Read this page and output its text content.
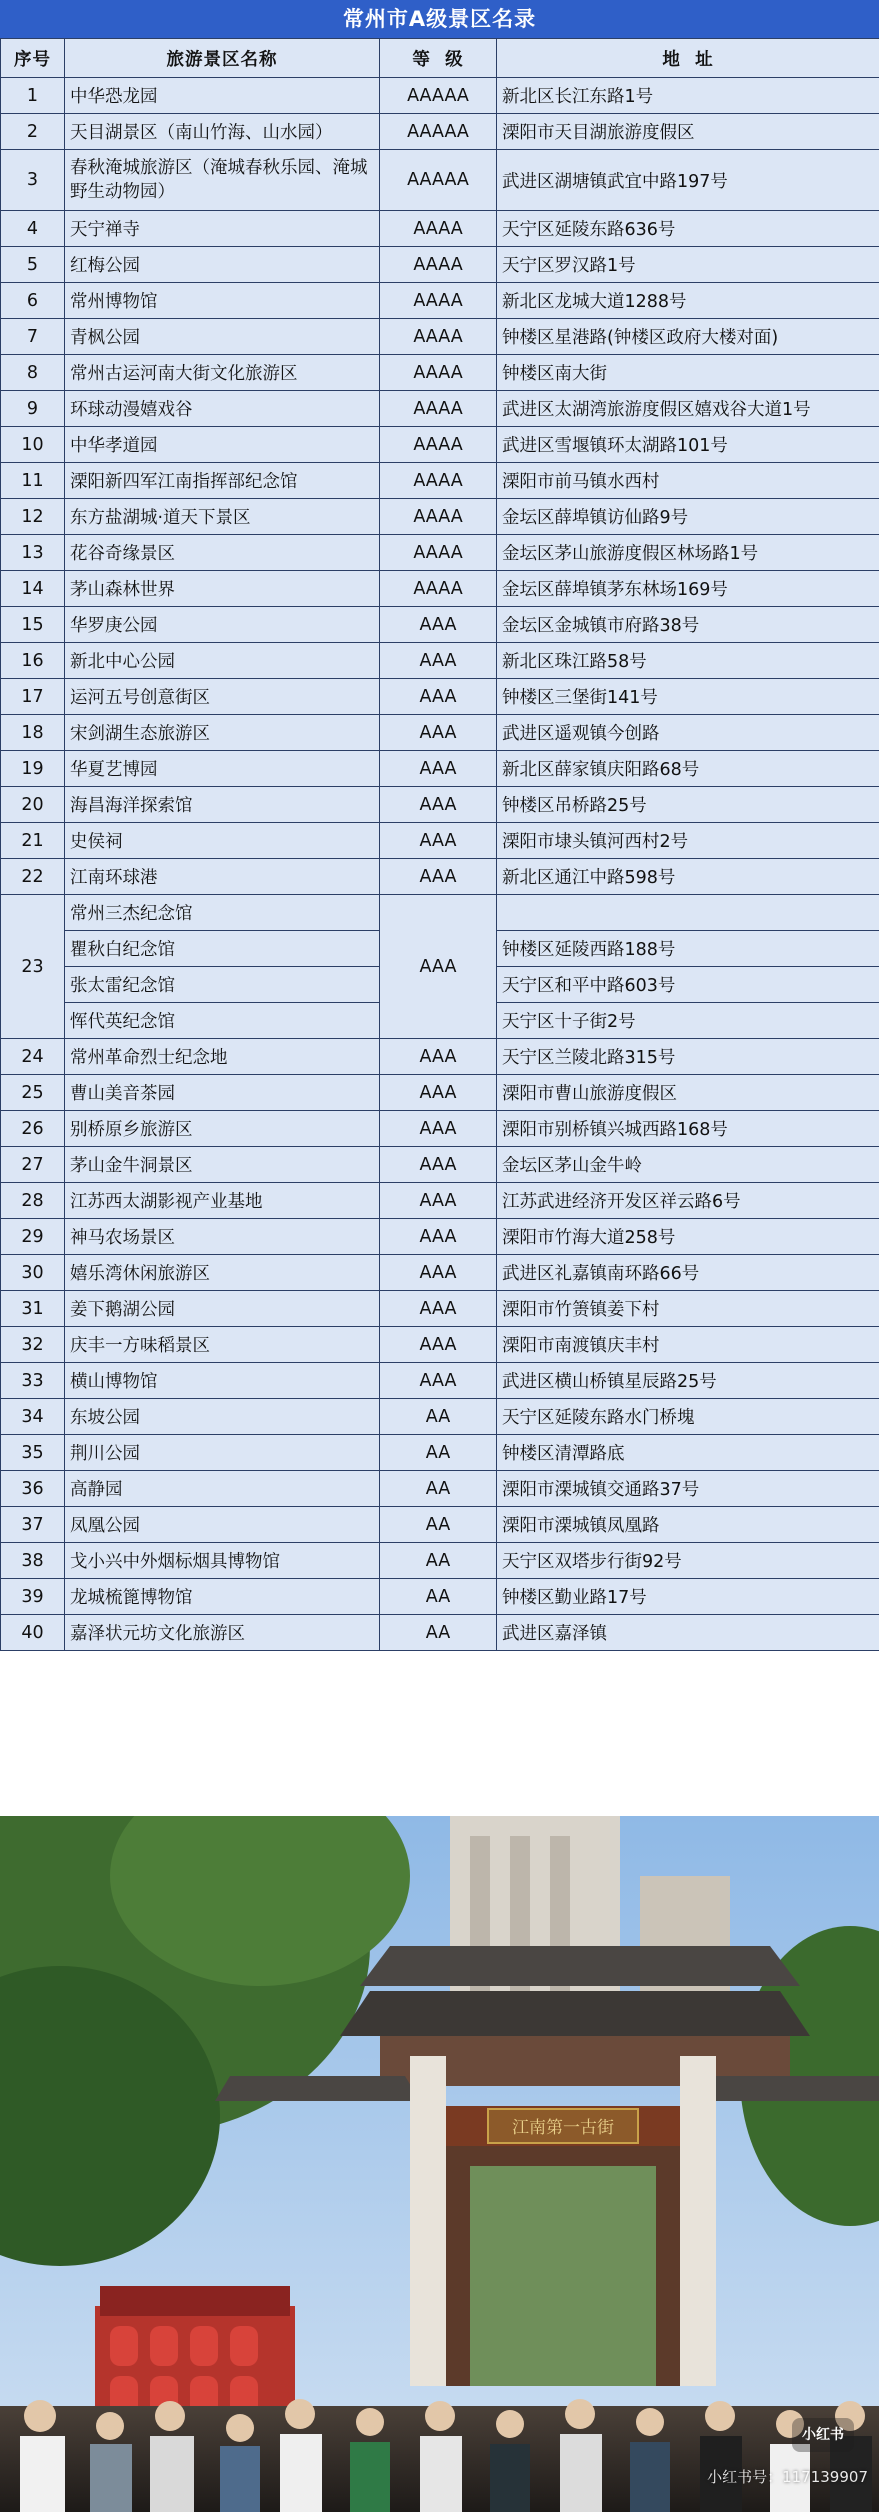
常州市A级景区名录
序号	旅游景区名称	等  级	地  址
1	中华恐龙园	AAAAA	新北区长江东路1号
2	天目湖景区（南山竹海、山水园）	AAAAA	溧阳市天目湖旅游度假区
3	春秋淹城旅游区（淹城春秋乐园、淹城野生动物园）	AAAAA	武进区湖塘镇武宜中路197号
4	天宁禅寺	AAAA	天宁区延陵东路636号
5	红梅公园	AAAA	天宁区罗汉路1号
6	常州博物馆	AAAA	新北区龙城大道1288号
7	青枫公园	AAAA	钟楼区星港路(钟楼区政府大楼对面)
8	常州古运河南大街文化旅游区	AAAA	钟楼区南大街
9	环球动漫嬉戏谷	AAAA	武进区太湖湾旅游度假区嬉戏谷大道1号
10	中华孝道园	AAAA	武进区雪堰镇环太湖路101号
11	溧阳新四军江南指挥部纪念馆	AAAA	溧阳市前马镇水西村
12	东方盐湖城·道天下景区	AAAA	金坛区薛埠镇访仙路9号
13	花谷奇缘景区	AAAA	金坛区茅山旅游度假区林场路1号
14	茅山森林世界	AAAA	金坛区薛埠镇茅东林场169号
15	华罗庚公园	AAA	金坛区金城镇市府路38号
16	新北中心公园	AAA	新北区珠江路58号
17	运河五号创意街区	AAA	钟楼区三堡街141号
18	宋剑湖生态旅游区	AAA	武进区遥观镇今创路
19	华夏艺博园	AAA	新北区薛家镇庆阳路68号
20	海昌海洋探索馆	AAA	钟楼区吊桥路25号
21	史侯祠	AAA	溧阳市埭头镇河西村2号
22	江南环球港	AAA	新北区通江中路598号
23	常州三杰纪念馆	AAA	
	瞿秋白纪念馆		钟楼区延陵西路188号
	张太雷纪念馆		天宁区和平中路603号
	恽代英纪念馆		天宁区十子街2号
24	常州革命烈士纪念地	AAA	天宁区兰陵北路315号
25	曹山美音茶园	AAA	溧阳市曹山旅游度假区
26	别桥原乡旅游区	AAA	溧阳市别桥镇兴城西路168号
27	茅山金牛洞景区	AAA	金坛区茅山金牛岭
28	江苏西太湖影视产业基地	AAA	江苏武进经济开发区祥云路6号
29	神马农场景区	AAA	溧阳市竹海大道258号
30	嬉乐湾休闲旅游区	AAA	武进区礼嘉镇南环路66号
31	姜下鹅湖公园	AAA	溧阳市竹箦镇姜下村
32	庆丰一方味稻景区	AAA	溧阳市南渡镇庆丰村
33	横山博物馆	AAA	武进区横山桥镇星辰路25号
34	东坡公园	AA	天宁区延陵东路水门桥塊
35	荆川公园	AA	钟楼区清潭路底
36	高静园	AA	溧阳市溧城镇交通路37号
37	凤凰公园	AA	溧阳市溧城镇凤凰路
38	戈小兴中外烟标烟具博物馆	AA	天宁区双塔步行街92号
39	龙城梳篦博物馆	AA	钟楼区勤业路17号
40	嘉泽状元坊文化旅游区	AA	武进区嘉泽镇
江南第一古街
小红书
小红书号：117139907
